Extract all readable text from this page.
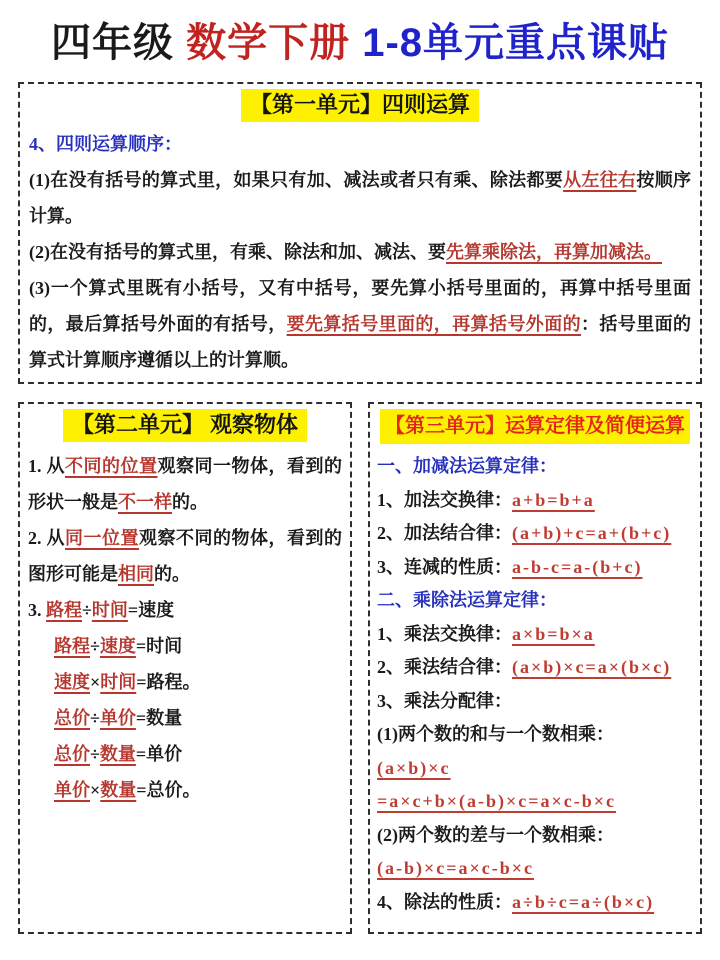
四年级 数学下册 1-8单元重点课贴
【第一单元】四则运算

4、四则运算顺序：

(1)在没有括号的算式里，如果只有加、减法或者只有乘、除法都要从左往右按顺序计算。

(2)在没有括号的算式里，有乘、除法和加、减法、要先算乘除法，再算加减法。

(3)一个算式里既有小括号，又有中括号，要先算小括号里面的，再算中括号里面的，最后算括号外面的有括号，要先算括号里面的，再算括号外面的：括号里面的算式计算顺序遵循以上的计算顺。

【第二单元】 观察物体

1. 从不同的位置观察同一物体，看到的形状一般是不一样的。

2. 从同一位置观察不同的物体，看到的图形可能是相同的。

3. 路程÷时间=速度

路程÷速度=时间

速度×时间=路程。

总价÷单价=数量

总价÷数量=单价

单价×数量=总价。

【第三单元】运算定律及简便运算

一、加减法运算定律：

1、加法交换律：a+b=b+a

2、加法结合律：(a+b)+c=a+(b+c)

3、连减的性质：a-b-c=a-(b+c)

二、乘除法运算定律：

1、乘法交换律：a×b=b×a

2、乘法结合律：(a×b)×c=a×(b×c)

3、乘法分配律：

(1)两个数的和与一个数相乘：

(a×b)×c

=a×c+b×(a-b)×c=a×c-b×c

(2)两个数的差与一个数相乘：

(a-b)×c=a×c-b×c

4、除法的性质：a÷b÷c=a÷(b×c)
